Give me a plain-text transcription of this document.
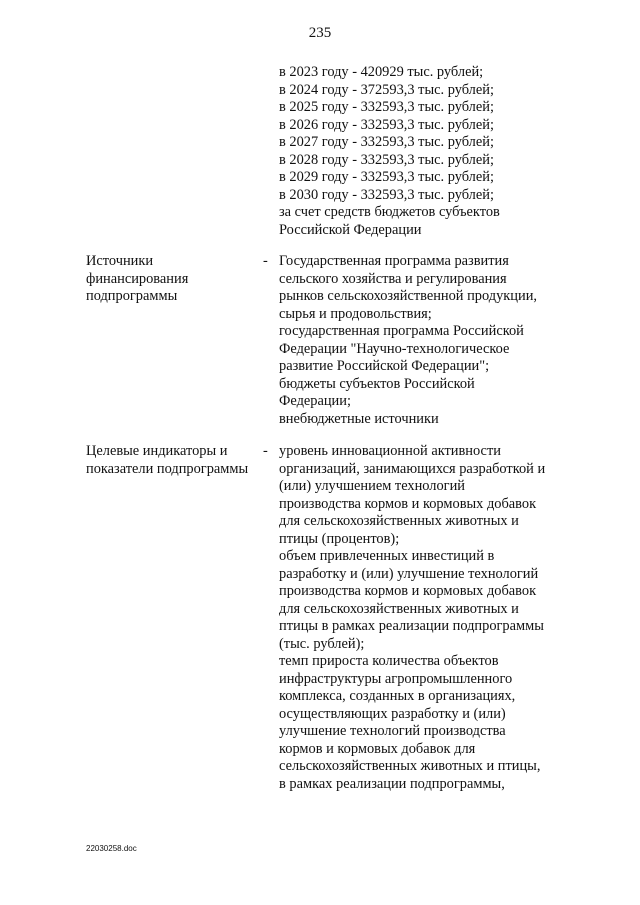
235
в 2023 году - 420929 тыс. рублей;
в 2024 году - 372593,3 тыс. рублей;
в 2025 году - 332593,3 тыс. рублей;
в 2026 году - 332593,3 тыс. рублей;
в 2027 году - 332593,3 тыс. рублей;
в 2028 году - 332593,3 тыс. рублей;
в 2029 году - 332593,3 тыс. рублей;
в 2030 году - 332593,3 тыс. рублей;
за счет средств бюджетов субъектов
Российской Федерации
Источники
финансирования
подпрограммы
- Государственная программа развития
сельского хозяйства и регулирования
рынков сельскохозяйственной продукции,
сырья и продовольствия;
государственная программа Российской
Федерации "Научно-технологическое
развитие Российской Федерации";
бюджеты субъектов Российской
Федерации;
внебюджетные источники
Целевые индикаторы и
показатели подпрограммы
- уровень инновационной активности
организаций, занимающихся разработкой и
(или) улучшением технологий
производства кормов и кормовых добавок
для сельскохозяйственных животных и
птицы (процентов);
объем привлеченных инвестиций в
разработку и (или) улучшение технологий
производства кормов и кормовых добавок
для сельскохозяйственных животных и
птицы в рамках реализации подпрограммы
(тыс. рублей);
темп прироста количества объектов
инфраструктуры агропромышленного
комплекса, созданных в организациях,
осуществляющих разработку и (или)
улучшение технологий производства
кормов и кормовых добавок для
сельскохозяйственных животных и птицы,
в рамках реализации подпрограммы,
22030258.doc
